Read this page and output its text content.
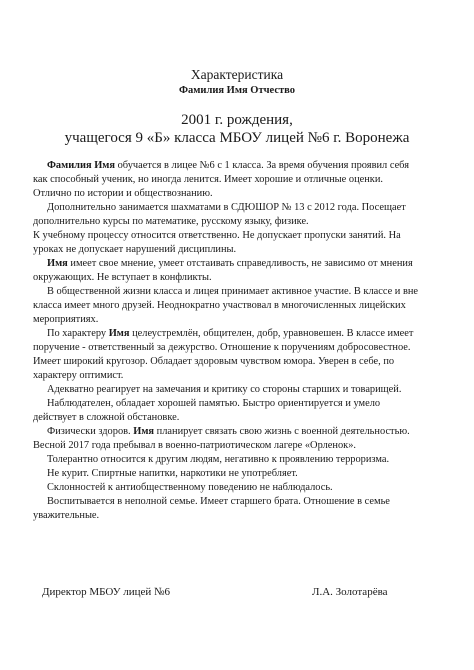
Характеристика
Фамилия Имя Отчество
2001 г. рождения,
учащегося 9 «Б» класса МБОУ лицей №6 г. Воронежа
Фамилия Имя обучается в лицее №6 с 1 класса. За время обучения проявил себя
как способный ученик, но иногда ленится. Имеет хорошие и отличные оценки.
Отлично по истории и обществознанию.
Дополнительно занимается шахматами в СДЮШОР № 13 с 2012 года. Посещает
дополнительно курсы по математике, русскому языку, физике.
К учебному процессу относится ответственно. Не допускает пропуски занятий. На
уроках не допускает нарушений дисциплины.
Имя имеет свое мнение, умеет отстаивать справедливость, не зависимо от мнения
окружающих. Не вступает в конфликты.
В общественной жизни класса и лицея принимает активное участие. В классе и вне
класса имеет много друзей. Неоднократно участвовал в многочисленных лицейских
мероприятиях.
По характеру Имя целеустремлён, общителен, добр, уравновешен. В классе имеет
поручение - ответственный за дежурство. Отношение к поручениям добросовестное.
Имеет широкий кругозор. Обладает здоровым чувством юмора. Уверен в себе, по
характеру оптимист.
Адекватно реагирует на замечания и критику со стороны старших и товарищей.
Наблюдателен, обладает хорошей памятью. Быстро ориентируется и умело
действует в сложной обстановке.
Физически здоров. Имя планирует связать свою жизнь с военной деятельностью.
Весной 2017 года пребывал в военно-патриотическом лагере «Орленок».
Толерантно относится к другим людям, негативно к проявлению терроризма.
Не курит. Спиртные напитки, наркотики не употребляет.
Склонностей к антиобщественному поведению не наблюдалось.
Воспитывается в неполной семье. Имеет старшего брата. Отношение в семье
уважительные.
Директор МБОУ лицей №6	Л.А. Золотарёва
